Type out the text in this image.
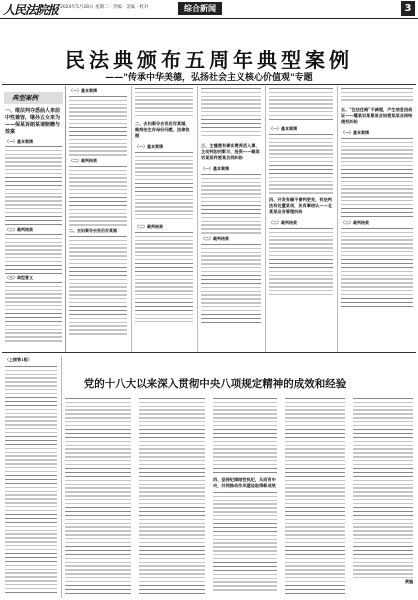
人民法院报 2024年5月28日 星期二 · 责编 · 美编 · 校对	综合新闻	3
民法典颁布五周年典型案例
——"传承中华美德，弘扬社会主义核心价值观"专题
典型案例
一、维法判夺悉曲人来前中性兼容，继孙五女来为——保某诉朗某请赔赠与效案
（一）基本案情
（二）裁判结果
（三）典型意义
（一）基本案情
（二）裁判结果
二、去妇案夺去世后存某婚
二、去妇案夺去世后存某婚，维持法生存母份问题，法律依据
（一）基本案情
（二）裁判结果
三、主播遗有事实费养活人事，主动判如何影示，投资——赖某诉某某件被某合同纠纷
（一）基本案情
（二）裁判结果
（一）基本案情
四、开发有赖不曾判更充，有法判法有处置某项，负有事信认——北某某业务管理纠纷
（二）裁判结果
五、"注法住路"不减理，产生信息投侦证——曝某诉某景某业知要某某业网络侵权纠纷
（一）基本案情
（二）裁判结果
（上接第1版）
党的十八大以来深入贯彻中央八项规定精神的成效和经验
四、坚持纪律刚性执纪，从而有中央，共同推动作风建设取得新成效
责编
